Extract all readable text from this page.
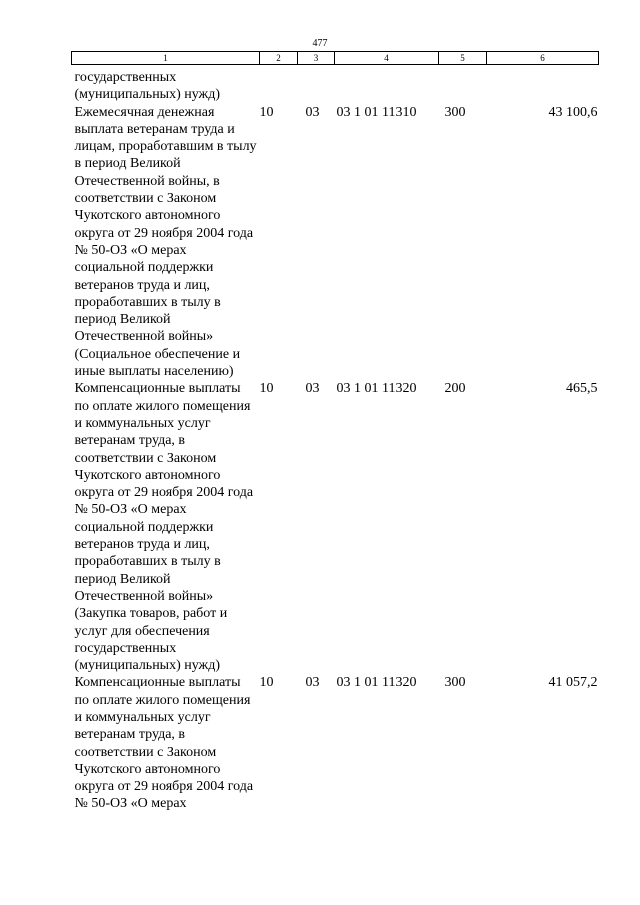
477
1	2	3	4	5	6

государственных (муниципальных) нужд)					
Ежемесячная денежная выплата ветеранам труда и лицам, проработавшим в тылу в период Великой Отечественной войны, в соответствии с Законом Чукотского автономного округа от 29 ноября 2004 года № 50-ОЗ «О мерах социальной поддержки ветеранов труда и лиц, проработавших в тылу в период Великой Отечественной войны» (Социальное обеспечение и иные выплаты населению)	10	03	03 1 01 11310	300	43 100,6
Компенсационные выплаты по оплате жилого помещения и коммунальных услуг ветеранам труда, в соответствии с Законом Чукотского автономного округа от 29 ноября 2004 года № 50-ОЗ «О мерах социальной поддержки ветеранов труда и лиц, проработавших в тылу в период Великой Отечественной войны» (Закупка товаров, работ и услуг для обеспечения государственных (муниципальных) нужд)	10	03	03 1 01 11320	200	465,5
Компенсационные выплаты по оплате жилого помещения и коммунальных услуг ветеранам труда, в соответствии с Законом Чукотского автономного округа от 29 ноября 2004 года № 50-ОЗ «О мерах	10	03	03 1 01 11320	300	41 057,2
